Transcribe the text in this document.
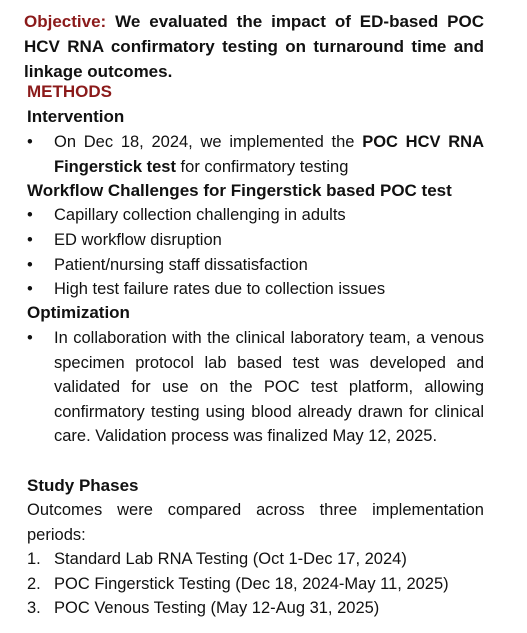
Objective: We evaluated the impact of ED-based POC HCV RNA confirmatory testing on turnaround time and linkage outcomes.
METHODS
Intervention
•	On Dec 18, 2024, we implemented the POC HCV RNA Fingerstick test for confirmatory testing
Workflow Challenges for Fingerstick based POC test
•	Capillary collection challenging in adults
•	ED workflow disruption
•	Patient/nursing staff dissatisfaction
•	High test failure rates due to collection issues
Optimization
•	In collaboration with the clinical laboratory team, a venous specimen protocol lab based test was developed and validated for use on the POC test platform, allowing confirmatory testing using blood already drawn for clinical care. Validation process was finalized May 12, 2025.
Study Phases
Outcomes were compared across three implementation periods:
1. Standard Lab RNA Testing (Oct 1-Dec 17, 2024)
2. POC Fingerstick Testing (Dec 18, 2024-May 11, 2025)
3. POC Venous Testing (May 12-Aug 31, 2025)
